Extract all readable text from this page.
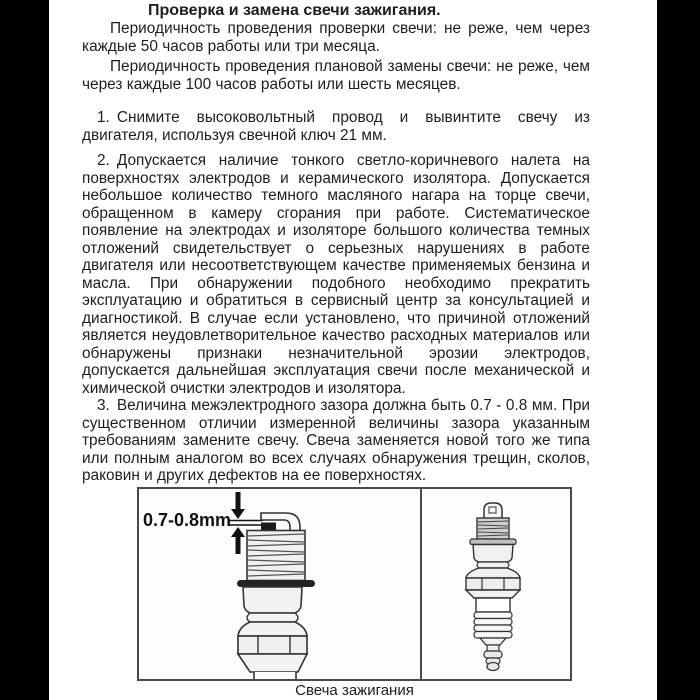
Проверка и замена свечи зажигания.

Периодичность проведения проверки свечи: не реже, чем через каждые 50 часов работы или три месяца.

Периодичность проведения плановой замены свечи: не реже, чем через каждые 100 часов работы или шесть месяцев.

1. Снимите высоковольтный провод и вывинтите свечу из двигателя, используя свечной ключ 21 мм.

2. Допускается наличие тонкого светло-коричневого налета на поверхностях электродов и керамического изолятора. Допускается небольшое количество темного масляного нагара на торце свечи, обращенном в камеру сгорания при работе. Систематическое появление на электродах и изоляторе большого количества темных отложений свидетельствует о серьезных нарушениях в работе двигателя или несоответствующем качестве применяемых бензина и масла. При обнаружении подобного необходимо прекратить эксплуатацию и обратиться в сервисный центр за консультацией и диагностикой. В случае если установлено, что причиной отложений является неудовлетворительное качество расходных материалов или обнаружены признаки незначительной эрозии электродов, допускается дальнейшая эксплуатация свечи после механической и химической очистки электродов и изолятора.

3. Величина межэлектродного зазора должна быть 0.7 - 0.8 мм. При существенном отличии измеренной величины зазора указанным требованиям замените свечу. Свеча заменяется новой того же типа или полным аналогом во всех случаях обнаружения трещин, сколов, раковин и других дефектов на ее поверхностях.

0.7-0.8mm
Свеча зажигания
